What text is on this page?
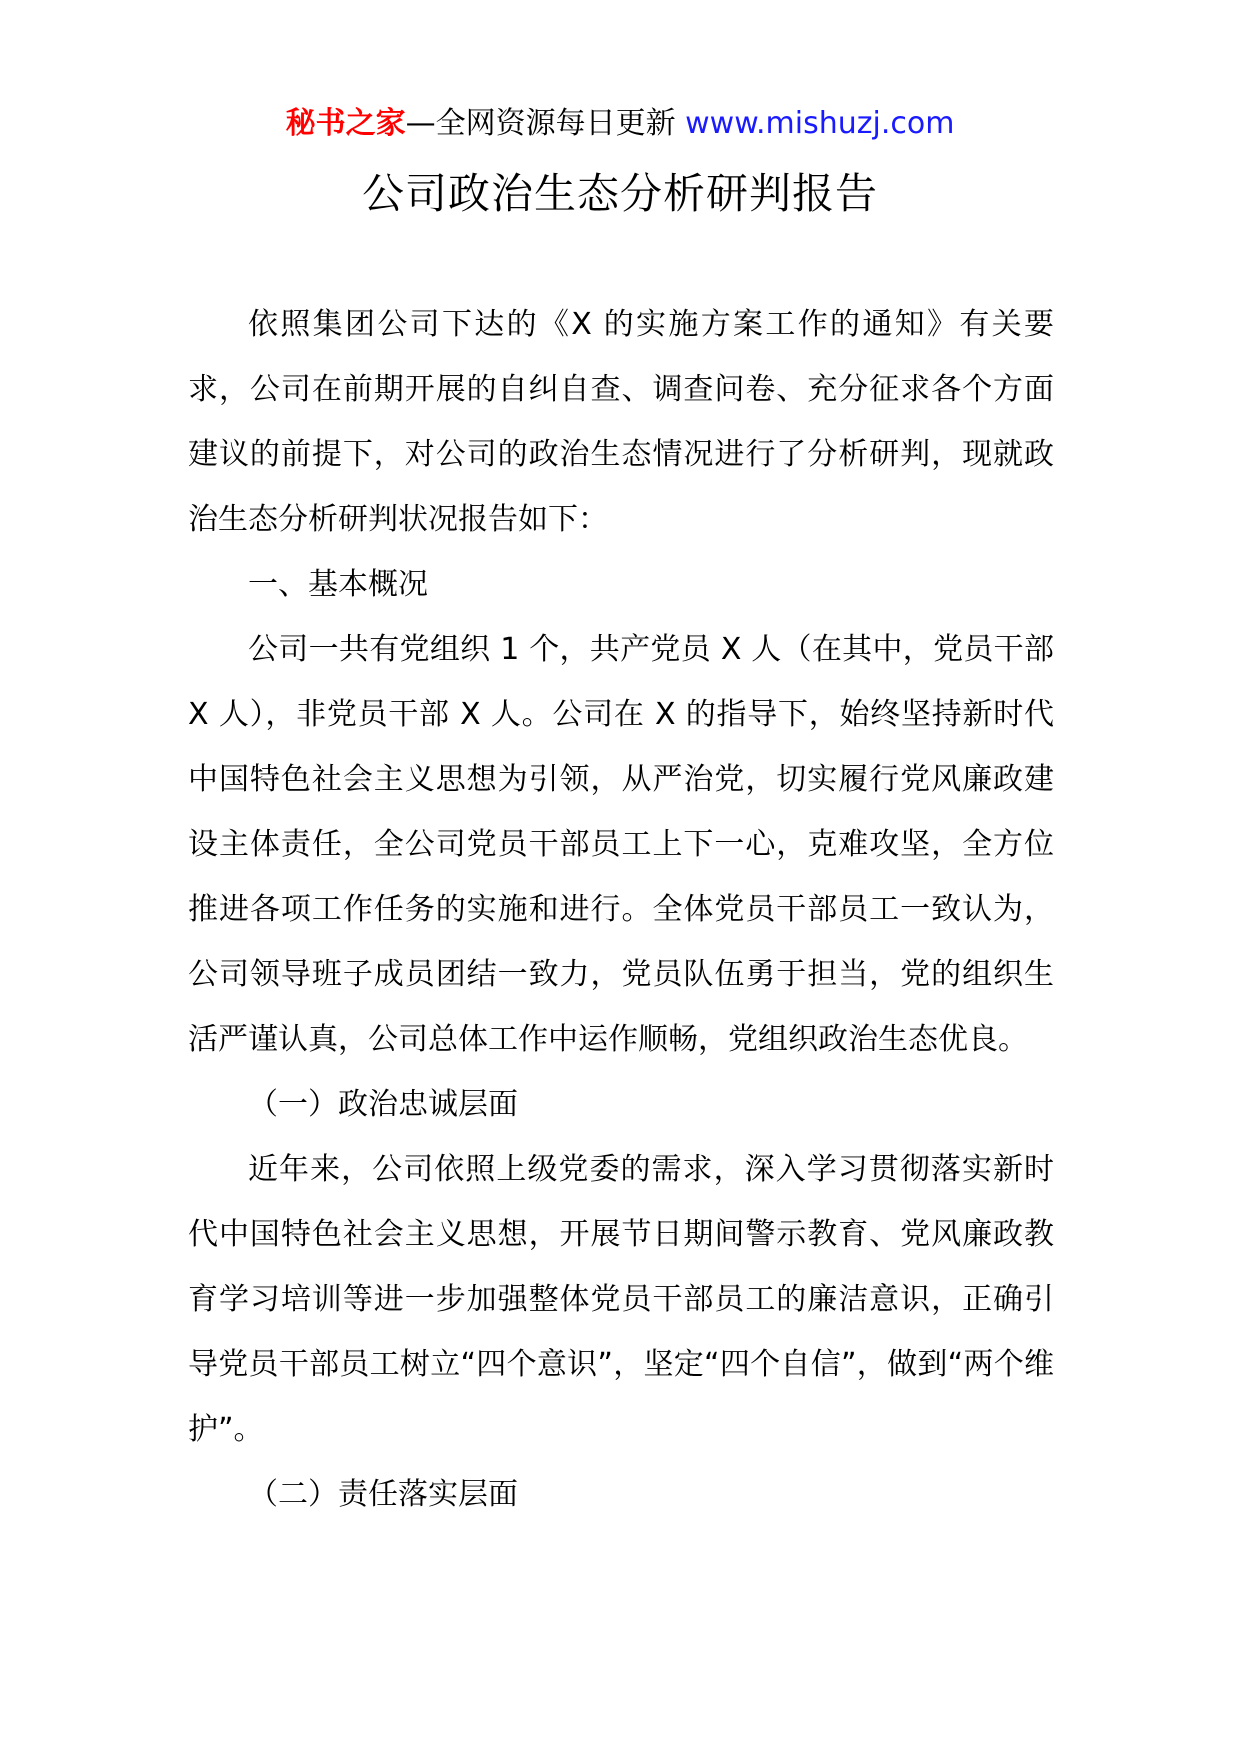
秘书之家—全网资源每日更新 www.mishuzj.com
公司政治生态分析研判报告

依照集团公司下达的《X 的实施方案工作的通知》有关要求，公司在前期开展的自纠自查、调查问卷、充分征求各个方面建议的前提下，对公司的政治生态情况进行了分析研判，现就政治生态分析研判状况报告如下：

一、基本概况

公司一共有党组织 1 个，共产党员 X 人（在其中，党员干部 X 人），非党员干部 X 人。公司在 X 的指导下，始终坚持新时代中国特色社会主义思想为引领，从严治党，切实履行党风廉政建设主体责任，全公司党员干部员工上下一心，克难攻坚，全方位推进各项工作任务的实施和进行。全体党员干部员工一致认为，公司领导班子成员团结一致力，党员队伍勇于担当，党的组织生活严谨认真，公司总体工作中运作顺畅，党组织政治生态优良。

（一）政治忠诚层面

近年来，公司依照上级党委的需求，深入学习贯彻落实新时代中国特色社会主义思想，开展节日期间警示教育、党风廉政教育学习培训等进一步加强整体党员干部员工的廉洁意识，正确引导党员干部员工树立“四个意识”，坚定“四个自信”，做到“两个维护”。

（二）责任落实层面
